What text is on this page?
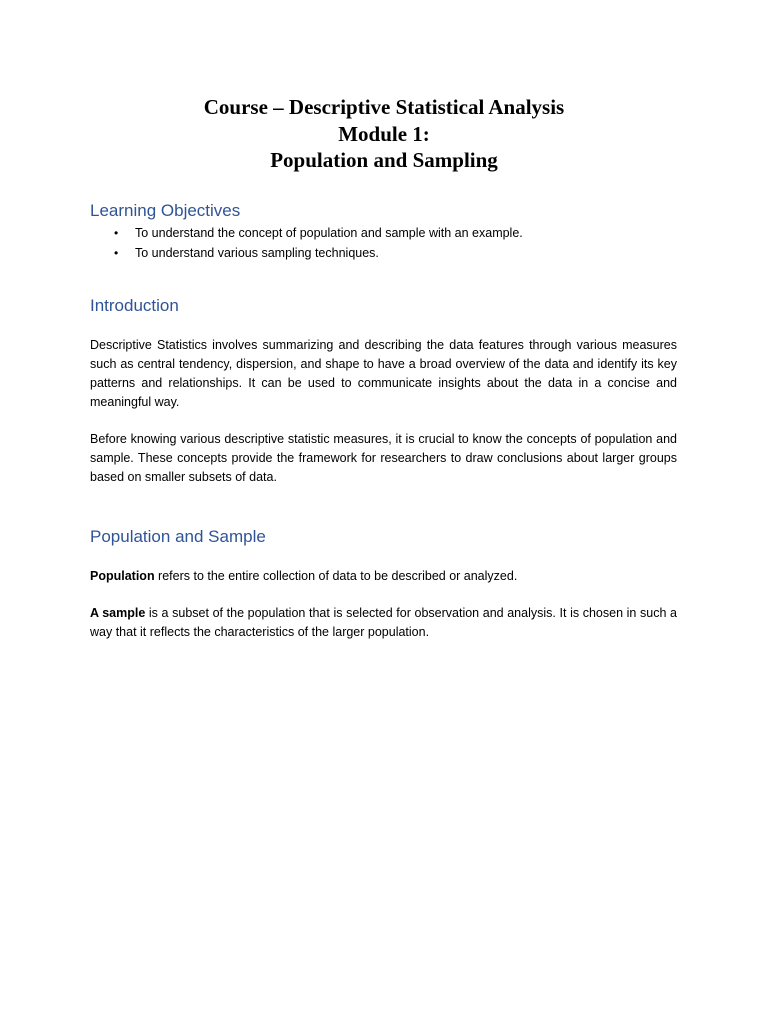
Course – Descriptive Statistical Analysis
Module 1:
Population and Sampling
Learning Objectives
• To understand the concept of population and sample with an example.
• To understand various sampling techniques.
Introduction

Descriptive Statistics involves summarizing and describing the data features through various measures such as central tendency, dispersion, and shape to have a broad overview of the data and identify its key patterns and relationships. It can be used to communicate insights about the data in a concise and meaningful way.

Before knowing various descriptive statistic measures, it is crucial to know the concepts of population and sample. These concepts provide the framework for researchers to draw conclusions about larger groups based on smaller subsets of data.

Population and Sample

Population refers to the entire collection of data to be described or analyzed.

A sample is a subset of the population that is selected for observation and analysis. It is chosen in such a way that it reflects the characteristics of the larger population.
